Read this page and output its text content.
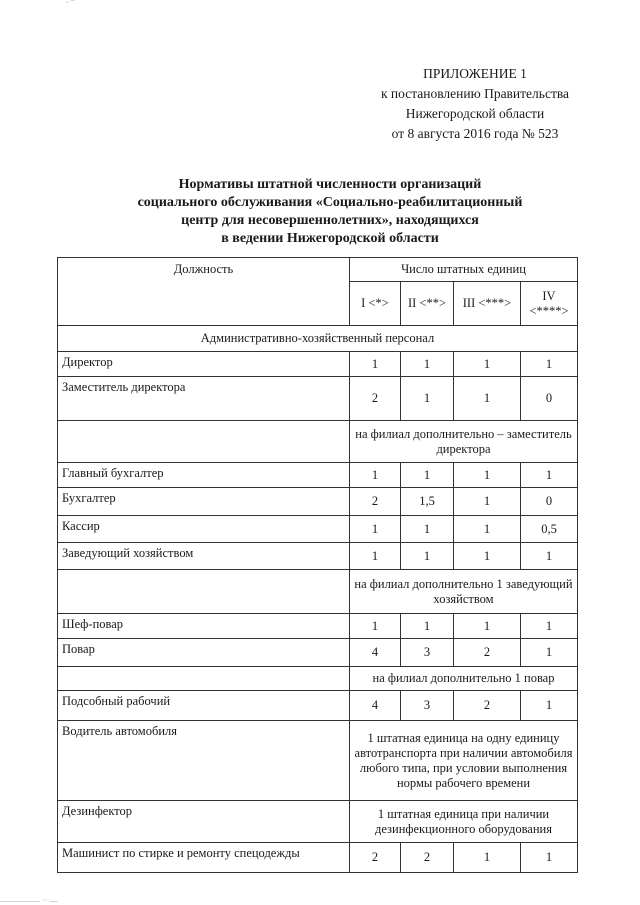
˜ ¯
ПРИЛОЖЕНИЕ 1
к постановлению Правительства
Нижегородской области
от 8 августа 2016 года № 523
Нормативы штатной численности организаций
социального обслуживания «Социально-реабилитационный
центр для несовершеннолетних», находящихся
в ведении Нижегородской области
Должность	Число штатных единиц			
	I <*>	II <**>	III <***>	IV <****>
Административно-хозяйственный персонал				
Директор	1	1	1	1
Заместитель директора	2	1	1	0
	на филиал дополнительно – заместитель директора			
Главный бухгалтер	1	1	1	1
Бухгалтер	2	1,5	1	0
Кассир	1	1	1	0,5
Заведующий хозяйством	1	1	1	1
	на филиал дополнительно 1 заведующий хозяйством			
Шеф-повар	1	1	1	1
Повар	4	3	2	1
	на филиал дополнительно 1 повар			
Подсобный рабочий	4	3	2	1
Водитель автомобиля	1 штатная единица на одну единицу автотранспорта при наличии автомобиля любого типа, при условии выполнения нормы рабочего времени			
Дезинфектор	1 штатная единица при наличии дезинфекционного оборудования			
Машинист по стирке и ремонту спецодежды	2	2	1	1
————— ·· —
